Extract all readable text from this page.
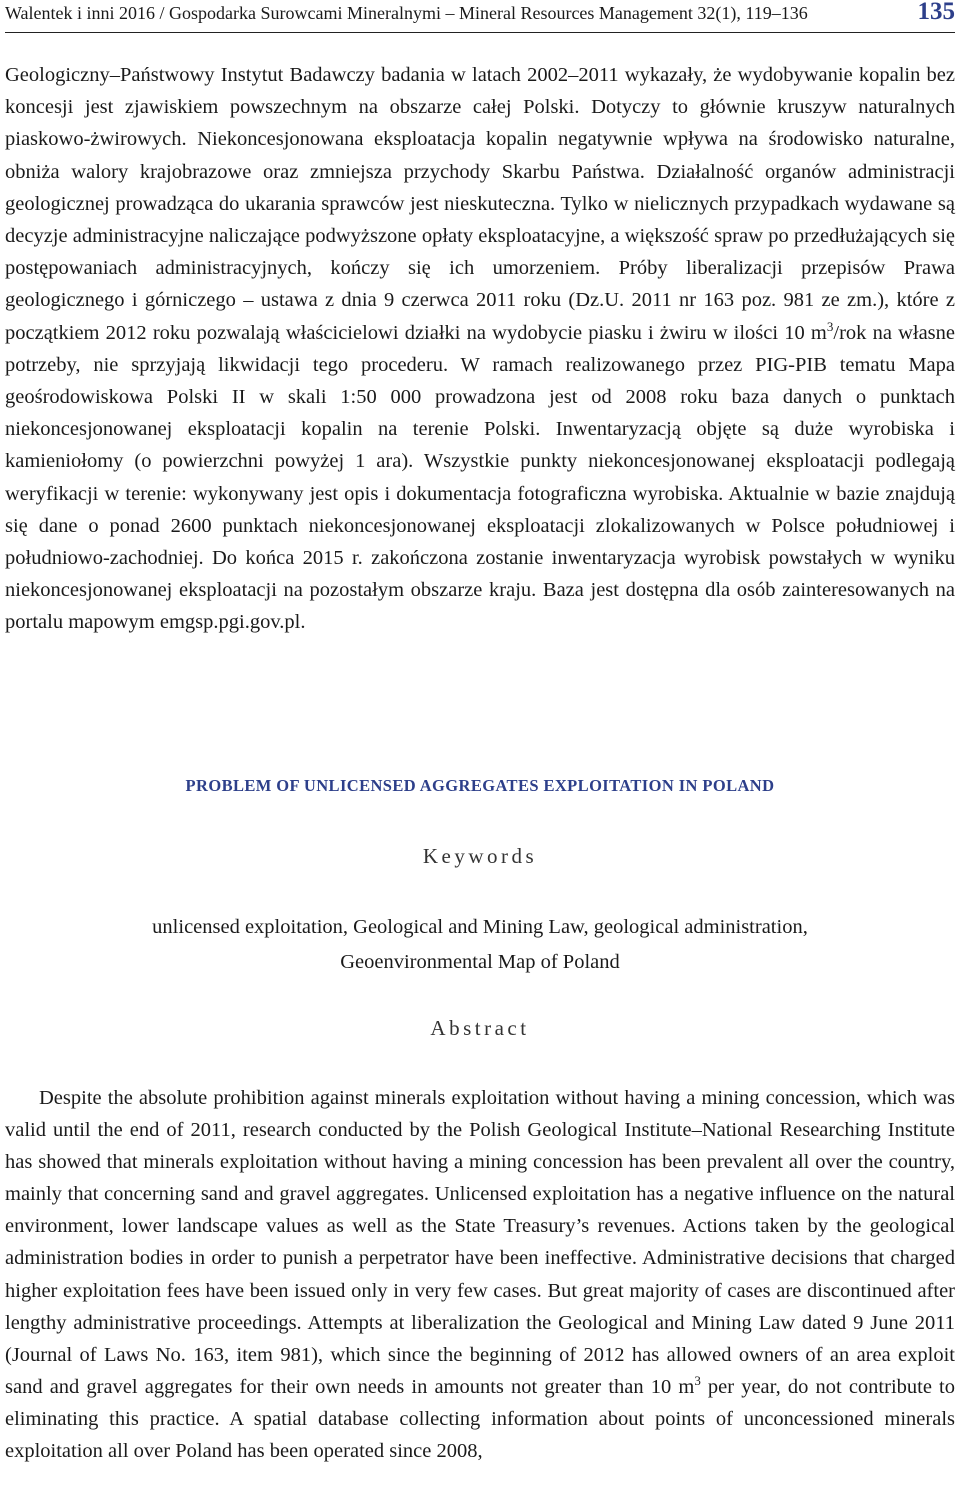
Walentek i inni 2016 / Gospodarka Surowcami Mineralnymi – Mineral Resources Management 32(1), 119–136	135

Geologiczny–Państwowy Instytut Badawczy badania w latach 2002–2011 wykazały, że wydobywanie kopalin bez koncesji jest zjawiskiem powszechnym na obszarze całej Polski. Dotyczy to głównie kruszyw naturalnych piaskowo-żwirowych. Niekoncesjonowana eksploatacja kopalin negatywnie wpływa na środowisko naturalne, obniża walory krajobrazowe oraz zmniejsza przychody Skarbu Państwa. Działalność organów administracji geologicznej prowadząca do ukarania sprawców jest nieskuteczna. Tylko w nielicznych przypadkach wydawane są decyzje administracyjne naliczające podwyższone opłaty eksploatacyjne, a większość spraw po przedłużających się postępowaniach administracyjnych, kończy się ich umorzeniem. Próby liberalizacji przepisów Prawa geologicznego i górniczego – ustawa z dnia 9 czerwca 2011 roku (Dz.U. 2011 nr 163 poz. 981 ze zm.), które z początkiem 2012 roku pozwalają właścicielowi działki na wydobycie piasku i żwiru w ilości 10 $m^3$/rok na własne potrzeby, nie sprzyjają likwidacji tego procederu. W ramach realizowanego przez PIG-PIB tematu Mapa geośrodowiskowa Polski II w skali 1:50 000 prowadzona jest od 2008 roku baza danych o punktach niekoncesjonowanej eksploatacji kopalin na terenie Polski. Inwentaryzacją objęte są duże wyrobiska i kamieniołomy (o powierzchni powyżej 1 ara). Wszystkie punkty niekoncesjonowanej eksploatacji podlegają weryfikacji w terenie: wykonywany jest opis i dokumentacja fotograficzna wyrobiska. Aktualnie w bazie znajdują się dane o ponad 2600 punktach niekoncesjonowanej eksploatacji zlokalizowanych w Polsce południowej i południowo-zachodniej. Do końca 2015 r. zakończona zostanie inwentaryzacja wyrobisk powstałych w wyniku niekoncesjonowanej eksploatacji na pozostałym obszarze kraju. Baza jest dostępna dla osób zainteresowanych na portalu mapowym emgsp.pgi.gov.pl.

PROBLEM OF UNLICENSED AGGREGATES EXPLOITATION IN POLAND
Keywords
unlicensed exploitation, Geological and Mining Law, geological administration,
Geoenvironmental Map of Poland
Abstract

Despite the absolute prohibition against minerals exploitation without having a mining concession, which was valid until the end of 2011, research conducted by the Polish Geological Institute–National Researching Institute has showed that minerals exploitation without having a mining concession has been prevalent all over the country, mainly that concerning sand and gravel aggregates. Unlicensed exploitation has a negative influence on the natural environment, lower landscape values as well as the State Treasury’s revenues. Actions taken by the geological administration bodies in order to punish a perpetrator have been ineffective. Administrative decisions that charged higher exploitation fees have been issued only in very few cases. But great majority of cases are discontinued after lengthy administrative proceedings. Attempts at liberalization the Geological and Mining Law dated 9 June 2011 (Journal of Laws No. 163, item 981), which since the beginning of 2012 has allowed owners of an area exploit sand and gravel aggregates for their own needs in amounts not greater than 10 $m^3$ per year, do not contribute to eliminating this practice. A spatial database collecting information about points of unconcessioned minerals exploitation all over Poland has been operated since 2008,
